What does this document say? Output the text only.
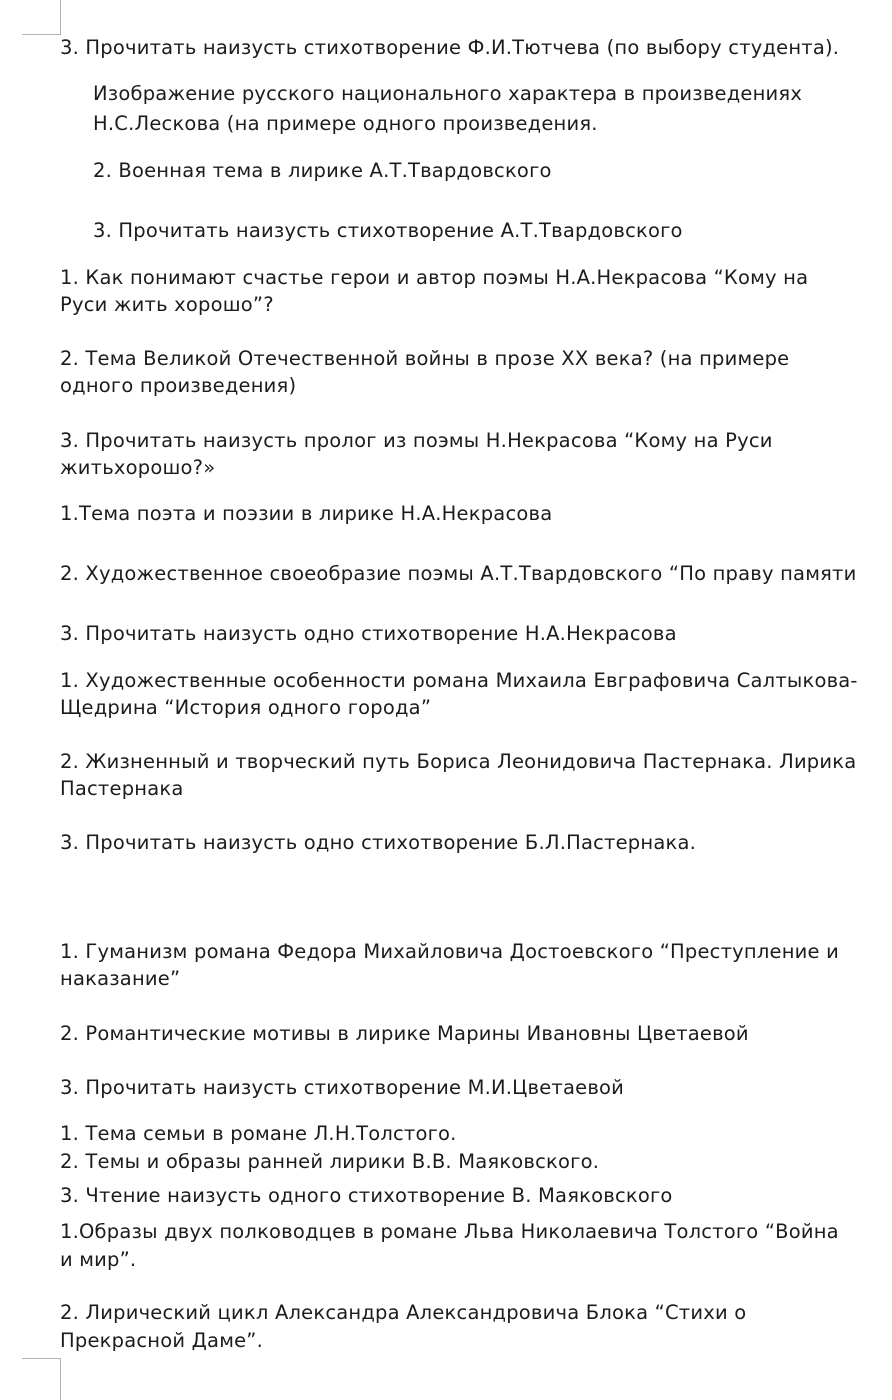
3. Прочитать наизусть стихотворение Ф.И.Тютчева (по выбору студента).
Изображение русского национального характера в произведениях
Н.С.Лескова (на примере одного произведения.
2. Военная тема в лирике А.Т.Твардовского
3. Прочитать наизусть стихотворение А.Т.Твардовского
1. Как понимают счастье герои и автор поэмы Н.А.Некрасова “Кому на
Руси жить хорошо”?
2. Тема Великой Отечественной войны в прозе XX века? (на примере
одного произведения)
3. Прочитать наизусть пролог из поэмы Н.Некрасова “Кому на Руси
житьхорошо?»
1.Тема поэта и поэзии в лирике Н.А.Некрасова
2. Художественное своеобразие поэмы А.Т.Твардовского “По праву памяти
3. Прочитать наизусть одно стихотворение Н.А.Некрасова
1. Художественные особенности романа Михаила Евграфовича Салтыкова-
Щедрина “История одного города”
2. Жизненный и творческий путь Бориса Леонидовича Пастернака. Лирика
Пастернака
3. Прочитать наизусть одно стихотворение Б.Л.Пастернака.
1. Гуманизм романа Федора Михайловича Достоевского “Преступление и
наказание”
2. Романтические мотивы в лирике Марины Ивановны Цветаевой
3. Прочитать наизусть стихотворение М.И.Цветаевой
1. Тема семьи в романе Л.Н.Толстого.
2. Темы и образы ранней лирики В.В. Маяковского.
3. Чтение наизусть одного стихотворение В. Маяковского
1.Образы двух полководцев в романе Льва Николаевича Толстого “Война
и мир”.
2. Лирический цикл Александра Александровича Блока “Стихи о
Прекрасной Даме”.
